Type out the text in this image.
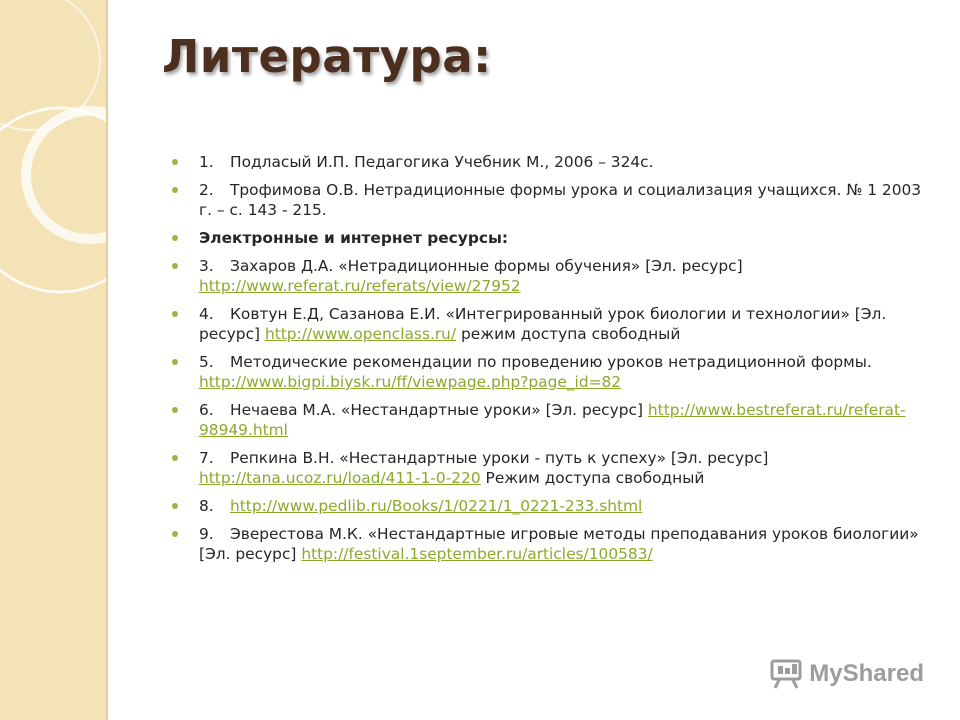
Литература:
1. Подласый И.П. Педагогика Учебник М., 2006 – 324с.
2. Трофимова О.В. Нетрадиционные формы урока и социализация учащихся. № 1 2003 г. – с. 143 - 215.
Электронные и интернет ресурсы:
3. Захаров Д.А. «Нетрадиционные формы обучения» [Эл. ресурс] http://www.referat.ru/referats/view/27952
4. Ковтун Е.Д, Сазанова Е.И. «Интегрированный урок биологии и технологии» [Эл. ресурс] http://www.openclass.ru/ режим доступа свободный
5. Методические рекомендации по проведению уроков нетрадиционной формы. http://www.bigpi.biysk.ru/ff/viewpage.php?page_id=82
6. Нечаева М.А. «Нестандартные уроки» [Эл. ресурс] http://www.bestreferat.ru/referat-98949.html
7. Репкина В.Н. «Нестандартные уроки - путь к успеху» [Эл. ресурс] http://tana.ucoz.ru/load/411-1-0-220 Режим доступа свободный
8. http://www.pedlib.ru/Books/1/0221/1_0221-233.shtml
9. Эверестова М.К. «Нестандартные игровые методы преподавания уроков биологии» [Эл. ресурс] http://festival.1september.ru/articles/100583/
MyShared
